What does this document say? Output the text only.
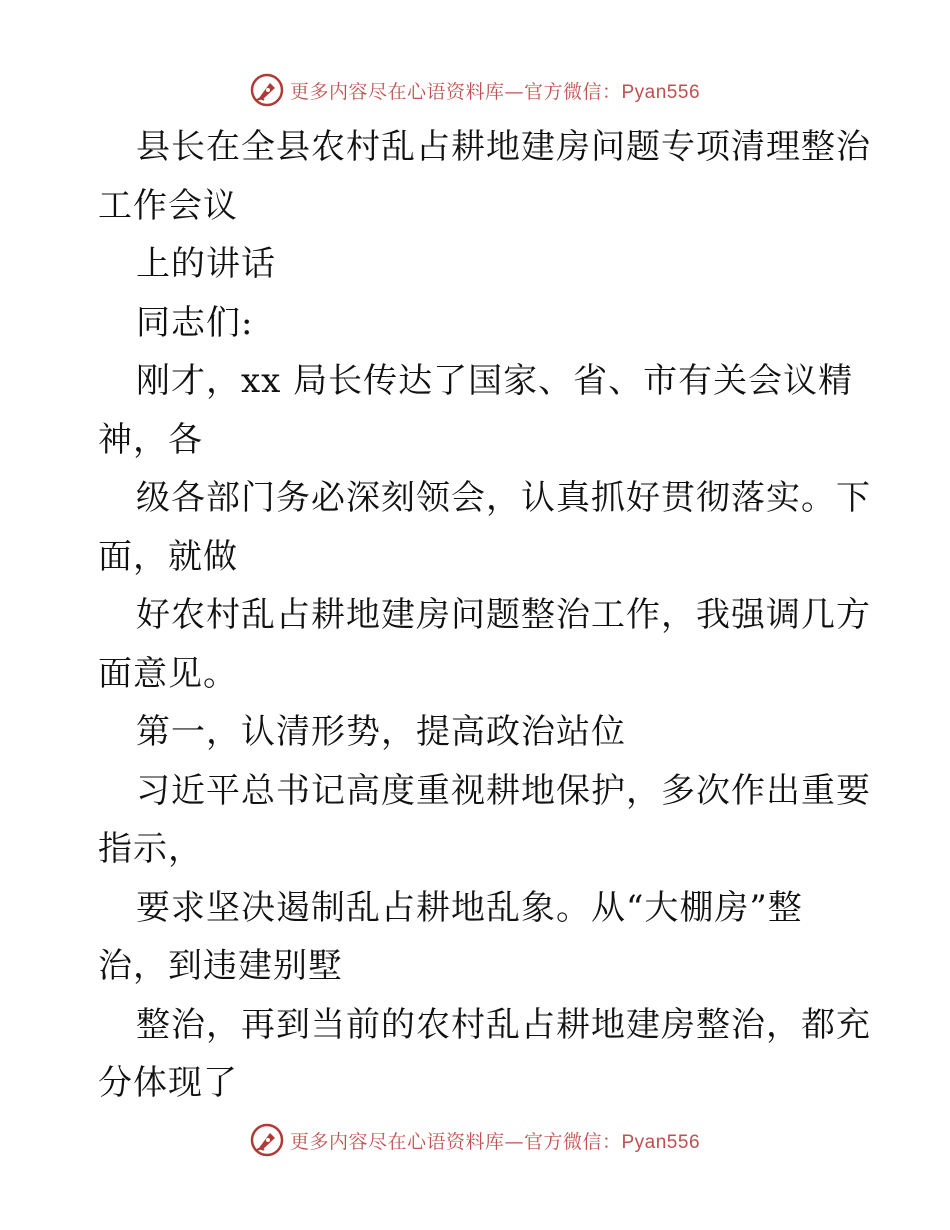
更多内容尽在心语资料库—官方微信：Pyan556
县长在全县农村乱占耕地建房问题专项清理整治
工作会议
上的讲话
同志们:
刚才，xx 局长传达了国家、省、市有关会议精
神，各
级各部门务必深刻领会，认真抓好贯彻落实。下
面，就做
好农村乱占耕地建房问题整治工作，我强调几方
面意见。
第一，认清形势，提高政治站位
习近平总书记高度重视耕地保护，多次作出重要
指示，
要求坚决遏制乱占耕地乱象。从“大棚房”整
治，到违建别墅
整治，再到当前的农村乱占耕地建房整治，都充
分体现了
更多内容尽在心语资料库—官方微信：Pyan556
